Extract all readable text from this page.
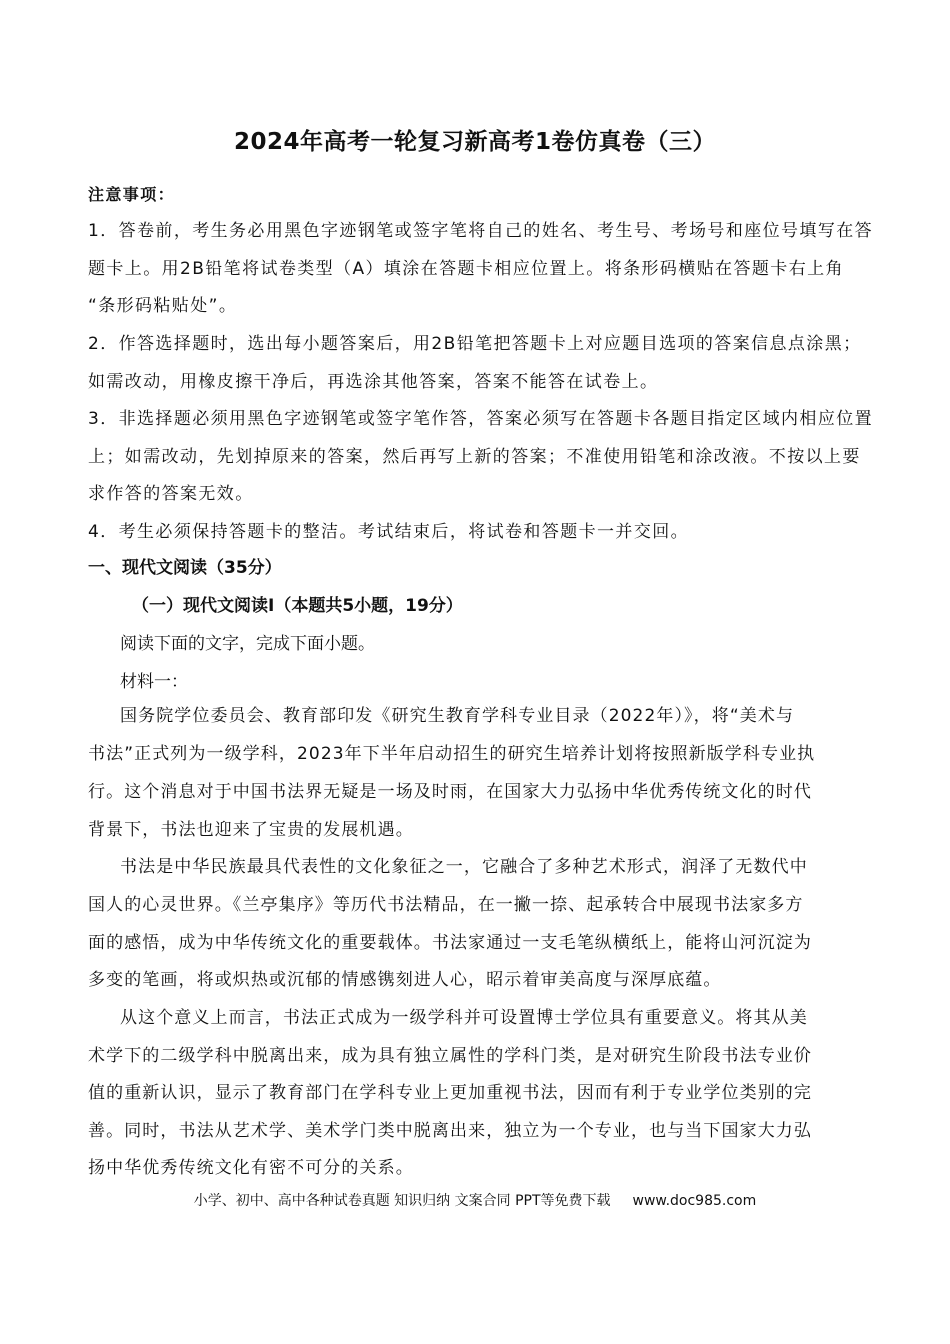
2024年高考一轮复习新高考1卷仿真卷（三）
注意事项：
1．答卷前，考生务必用黑色字迹钢笔或签字笔将自己的姓名、考生号、考场号和座位号填写在答
题卡上。用2B铅笔将试卷类型（A）填涂在答题卡相应位置上。将条形码横贴在答题卡右上角
“条形码粘贴处”。
2．作答选择题时，选出每小题答案后，用2B铅笔把答题卡上对应题目选项的答案信息点涂黑；
如需改动，用橡皮擦干净后，再选涂其他答案，答案不能答在试卷上。
3．非选择题必须用黑色字迹钢笔或签字笔作答，答案必须写在答题卡各题目指定区域内相应位置
上；如需改动，先划掉原来的答案，然后再写上新的答案；不准使用铅笔和涂改液。不按以上要
求作答的答案无效。
4．考生必须保持答题卡的整洁。考试结束后，将试卷和答题卡一并交回。
一、现代文阅读（35分）
（一）现代文阅读I（本题共5小题，19分）
阅读下面的文字，完成下面小题。
材料一：
国务院学位委员会、教育部印发《研究生教育学科专业目录（2022年）》，将“美术与
书法”正式列为一级学科，2023年下半年启动招生的研究生培养计划将按照新版学科专业执
行。这个消息对于中国书法界无疑是一场及时雨，在国家大力弘扬中华优秀传统文化的时代
背景下，书法也迎来了宝贵的发展机遇。
书法是中华民族最具代表性的文化象征之一，它融合了多种艺术形式，润泽了无数代中
国人的心灵世界。《兰亭集序》等历代书法精品，在一撇一捺、起承转合中展现书法家多方
面的感悟，成为中华传统文化的重要载体。书法家通过一支毛笔纵横纸上，能将山河沉淀为
多变的笔画，将或炽热或沉郁的情感镌刻进人心，昭示着审美高度与深厚底蕴。
从这个意义上而言，书法正式成为一级学科并可设置博士学位具有重要意义。将其从美
术学下的二级学科中脱离出来，成为具有独立属性的学科门类，是对研究生阶段书法专业价
值的重新认识，显示了教育部门在学科专业上更加重视书法，因而有利于专业学位类别的完
善。同时，书法从艺术学、美术学门类中脱离出来，独立为一个专业，也与当下国家大力弘
扬中华优秀传统文化有密不可分的关系。
小学、初中、高中各种试卷真题 知识归纳 文案合同 PPT等免费下载 www.doc985.com
